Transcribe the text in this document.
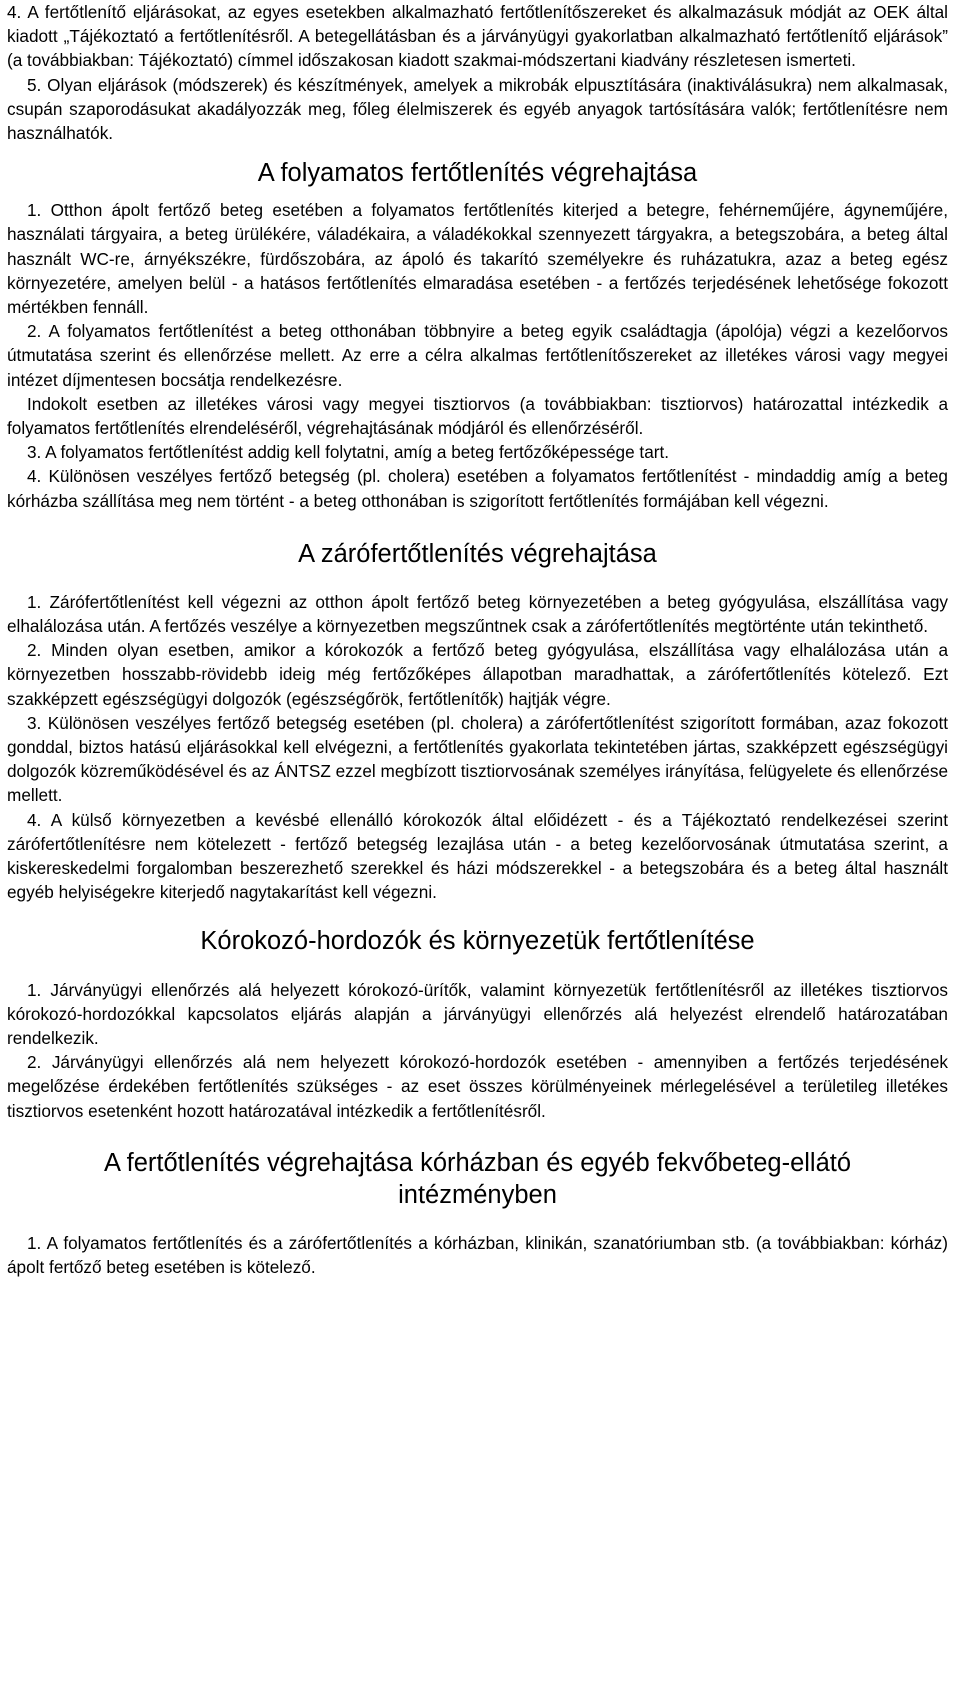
4. A fertőtlenítő eljárásokat, az egyes esetekben alkalmazható fertőtlenítőszereket és alkalmazásuk módját az OEK által kiadott „Tájékoztató a fertőtlenítésről. A betegellátásban és a járványügyi gyakorlatban alkalmazható fertőtlenítő eljárások” (a továbbiakban: Tájékoztató) címmel időszakosan kiadott szakmai-módszertani kiadvány részletesen ismerteti.

5. Olyan eljárások (módszerek) és készítmények, amelyek a mikrobák elpusztítására (inaktiválásukra) nem alkalmasak, csupán szaporodásukat akadályozzák meg, főleg élelmiszerek és egyéb anyagok tartósítására valók; fertőtlenítésre nem használhatók.

A folyamatos fertőtlenítés végrehajtása

1. Otthon ápolt fertőző beteg esetében a folyamatos fertőtlenítés kiterjed a betegre, fehérneműjére, ágyneműjére, használati tárgyaira, a beteg ürülékére, váladékaira, a váladékokkal szennyezett tárgyakra, a betegszobára, a beteg által használt WC-re, árnyékszékre, fürdőszobára, az ápoló és takarító személyekre és ruházatukra, azaz a beteg egész környezetére, amelyen belül - a hatásos fertőtlenítés elmaradása esetében - a fertőzés terjedésének lehetősége fokozott mértékben fennáll.

2. A folyamatos fertőtlenítést a beteg otthonában többnyire a beteg egyik családtagja (ápolója) végzi a kezelőorvos útmutatása szerint és ellenőrzése mellett. Az erre a célra alkalmas fertőtlenítőszereket az illetékes városi vagy megyei intézet díjmentesen bocsátja rendelkezésre.

Indokolt esetben az illetékes városi vagy megyei tisztiorvos (a továbbiakban: tisztiorvos) határozattal intézkedik a folyamatos fertőtlenítés elrendeléséről, végrehajtásának módjáról és ellenőrzéséről.

3. A folyamatos fertőtlenítést addig kell folytatni, amíg a beteg fertőzőképessége tart.

4. Különösen veszélyes fertőző betegség (pl. cholera) esetében a folyamatos fertőtlenítést - mindaddig amíg a beteg kórházba szállítása meg nem történt - a beteg otthonában is szigorított fertőtlenítés formájában kell végezni.

A zárófertőtlenítés végrehajtása

1. Zárófertőtlenítést kell végezni az otthon ápolt fertőző beteg környezetében a beteg gyógyulása, elszállítása vagy elhalálozása után. A fertőzés veszélye a környezetben megszűntnek csak a zárófertőtlenítés megtörténte után tekinthető.

2. Minden olyan esetben, amikor a kórokozók a fertőző beteg gyógyulása, elszállítása vagy elhalálozása után a környezetben hosszabb-rövidebb ideig még fertőzőképes állapotban maradhattak, a zárófertőtlenítés kötelező. Ezt szakképzett egészségügyi dolgozók (egészségőrök, fertőtlenítők) hajtják végre.

3. Különösen veszélyes fertőző betegség esetében (pl. cholera) a zárófertőtlenítést szigorított formában, azaz fokozott gonddal, biztos hatású eljárásokkal kell elvégezni, a fertőtlenítés gyakorlata tekintetében jártas, szakképzett egészségügyi dolgozók közreműködésével és az ÁNTSZ ezzel megbízott tisztiorvosának személyes irányítása, felügyelete és ellenőrzése mellett.

4. A külső környezetben a kevésbé ellenálló kórokozók által előidézett - és a Tájékoztató rendelkezései szerint zárófertőtlenítésre nem kötelezett - fertőző betegség lezajlása után - a beteg kezelőorvosának útmutatása szerint, a kiskereskedelmi forgalomban beszerezhető szerekkel és házi módszerekkel - a betegszobára és a beteg által használt egyéb helyiségekre kiterjedő nagytakarítást kell végezni.

Kórokozó-hordozók és környezetük fertőtlenítése

1. Járványügyi ellenőrzés alá helyezett kórokozó-ürítők, valamint környezetük fertőtlenítésről az illetékes tisztiorvos kórokozó-hordozókkal kapcsolatos eljárás alapján a járványügyi ellenőrzés alá helyezést elrendelő határozatában rendelkezik.

2. Járványügyi ellenőrzés alá nem helyezett kórokozó-hordozók esetében - amennyiben a fertőzés terjedésének megelőzése érdekében fertőtlenítés szükséges - az eset összes körülményeinek mérlegelésével a területileg illetékes tisztiorvos esetenként hozott határozatával intézkedik a fertőtlenítésről.

A fertőtlenítés végrehajtása kórházban és egyéb fekvőbeteg-ellátó intézményben

1. A folyamatos fertőtlenítés és a zárófertőtlenítés a kórházban, klinikán, szanatóriumban stb. (a továbbiakban: kórház) ápolt fertőző beteg esetében is kötelező.
